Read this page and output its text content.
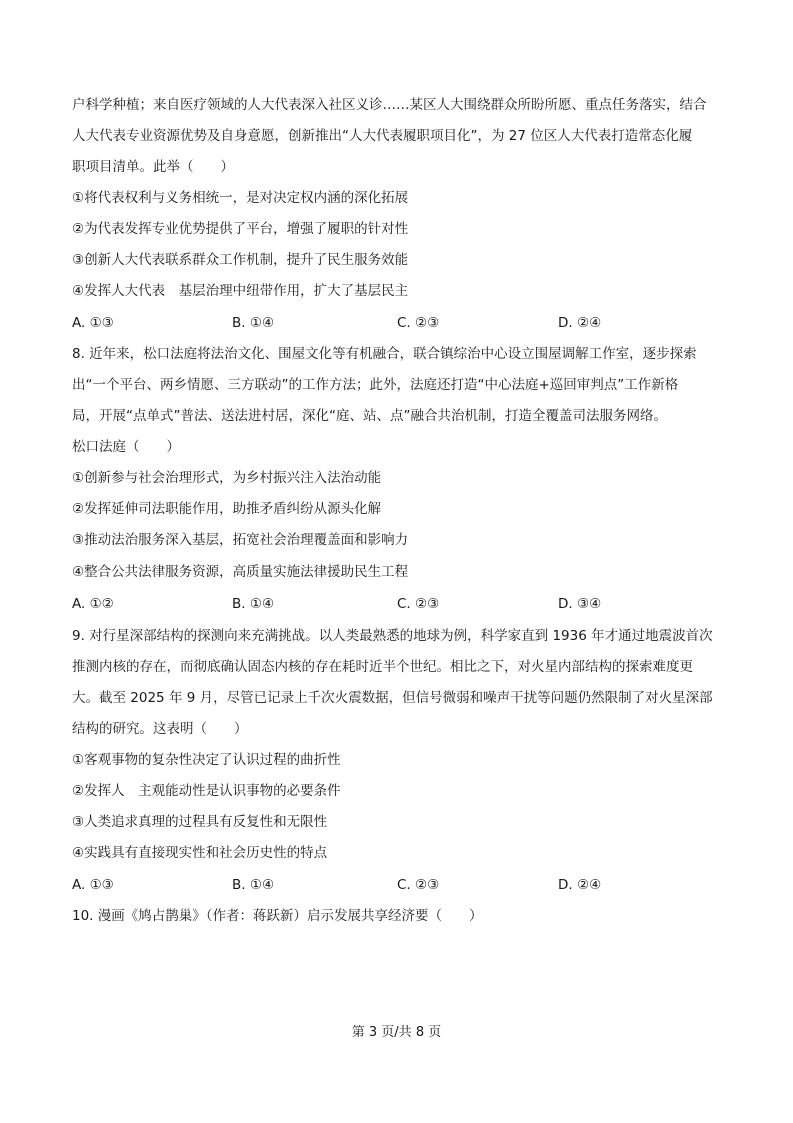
户科学种植；来自医疗领域的人大代表深入社区义诊……某区人大围绕群众所盼所愿、重点任务落实，结合
人大代表专业资源优势及自身意愿，创新推出“人大代表履职项目化”，为 27 位区人大代表打造常态化履
职项目清单。此举（　　）
①将代表权利与义务相统一，是对决定权内涵的深化拓展
②为代表发挥专业优势提供了平台，增强了履职的针对性
③创新人大代表联系群众工作机制，提升了民生服务效能
④发挥人大代表　基层治理中纽带作用，扩大了基层民主
A. ①③	B. ①④	C. ②③	D. ②④
8. 近年来，松口法庭将法治文化、围屋文化等有机融合，联合镇综治中心设立围屋调解工作室，逐步探索
出“一个平台、两乡情愿、三方联动”的工作方法；此外，法庭还打造“中心法庭+巡回审判点”工作新格
局，开展“点单式”普法、送法进村居，深化“庭、站、点”融合共治机制，打造全覆盖司法服务网络。
松口法庭（　　）
①创新参与社会治理形式，为乡村振兴注入法治动能
②发挥延伸司法职能作用，助推矛盾纠纷从源头化解
③推动法治服务深入基层，拓宽社会治理覆盖面和影响力
④整合公共法律服务资源，高质量实施法律援助民生工程
A. ①②	B. ①④	C. ②③	D. ③④
9. 对行星深部结构的探测向来充满挑战。以人类最熟悉的地球为例，科学家直到 1936 年才通过地震波首次
推测内核的存在，而彻底确认固态内核的存在耗时近半个世纪。相比之下，对火星内部结构的探索难度更
大。截至 2025 年 9 月，尽管已记录上千次火震数据，但信号微弱和噪声干扰等问题仍然限制了对火星深部
结构的研究。这表明（　　）
①客观事物的复杂性决定了认识过程的曲折性
②发挥人　主观能动性是认识事物的必要条件
③人类追求真理的过程具有反复性和无限性
④实践具有直接现实性和社会历史性的特点
A. ①③	B. ①④	C. ②③	D. ②④
10. 漫画《鸠占鹊巢》（作者：蒋跃新）启示发展共享经济要（　　）
第 3 页/共 8 页
